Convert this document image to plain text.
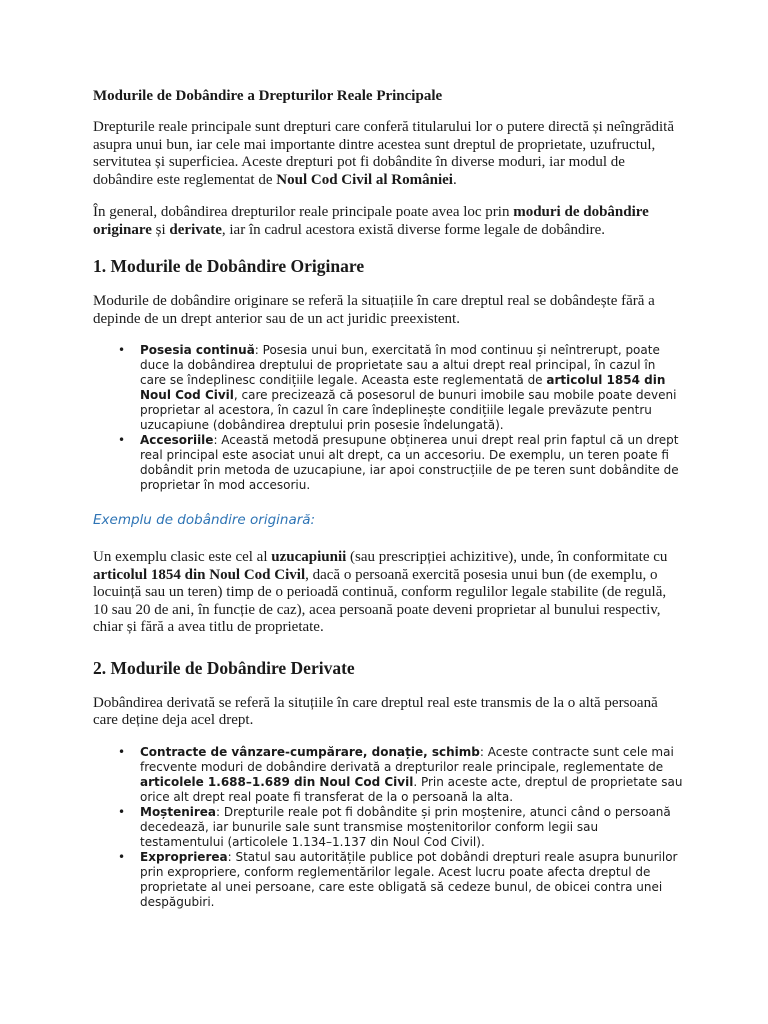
Modurile de Dobândire a Drepturilor Reale Principale

Drepturile reale principale sunt drepturi care conferă titularului lor o putere directă și neîngrădită asupra unui bun, iar cele mai importante dintre acestea sunt dreptul de proprietate, uzufructul, servitutea și superficiea. Aceste drepturi pot fi dobândite în diverse moduri, iar modul de dobândire este reglementat de Noul Cod Civil al României.

În general, dobândirea drepturilor reale principale poate avea loc prin moduri de dobândire originare și derivate, iar în cadrul acestora există diverse forme legale de dobândire.

1. Modurile de Dobândire Originare

Modurile de dobândire originare se referă la situațiile în care dreptul real se dobândește fără a depinde de un drept anterior sau de un act juridic preexistent.

• Posesia continuă: Posesia unui bun, exercitată în mod continuu și neîntrerupt, poate duce la dobândirea dreptului de proprietate sau a altui drept real principal, în cazul în care se îndeplinesc condițiile legale. Aceasta este reglementată de articolul 1854 din Noul Cod Civil, care precizează că posesorul de bunuri imobile sau mobile poate deveni proprietar al acestora, în cazul în care îndeplinește condițiile legale prevăzute pentru uzucapiune (dobândirea dreptului prin posesie îndelungată).
• Accesoriile: Această metodă presupune obținerea unui drept real prin faptul că un drept real principal este asociat unui alt drept, ca un accesoriu. De exemplu, un teren poate fi dobândit prin metoda de uzucapiune, iar apoi construcțiile de pe teren sunt dobândite de proprietar în mod accesoriu.
Exemplu de dobândire originară:

Un exemplu clasic este cel al uzucapiunii (sau prescripției achizitive), unde, în conformitate cu articolul 1854 din Noul Cod Civil, dacă o persoană exercită posesia unui bun (de exemplu, o locuință sau un teren) timp de o perioadă continuă, conform regulilor legale stabilite (de regulă, 10 sau 20 de ani, în funcție de caz), acea persoană poate deveni proprietar al bunului respectiv, chiar și fără a avea titlu de proprietate.

2. Modurile de Dobândire Derivate

Dobândirea derivată se referă la situțiile în care dreptul real este transmis de la o altă persoană care deține deja acel drept.

• Contracte de vânzare-cumpărare, donație, schimb: Aceste contracte sunt cele mai frecvente moduri de dobândire derivată a drepturilor reale principale, reglementate de articolele 1.688–1.689 din Noul Cod Civil. Prin aceste acte, dreptul de proprietate sau orice alt drept real poate fi transferat de la o persoană la alta.
• Moștenirea: Drepturile reale pot fi dobândite și prin moștenire, atunci când o persoană decedează, iar bunurile sale sunt transmise moștenitorilor conform legii sau testamentului (articolele 1.134–1.137 din Noul Cod Civil).
• Exproprierea: Statul sau autoritățile publice pot dobândi drepturi reale asupra bunurilor prin expropriere, conform reglementărilor legale. Acest lucru poate afecta dreptul de proprietate al unei persoane, care este obligată să cedeze bunul, de obicei contra unei despăgubiri.
